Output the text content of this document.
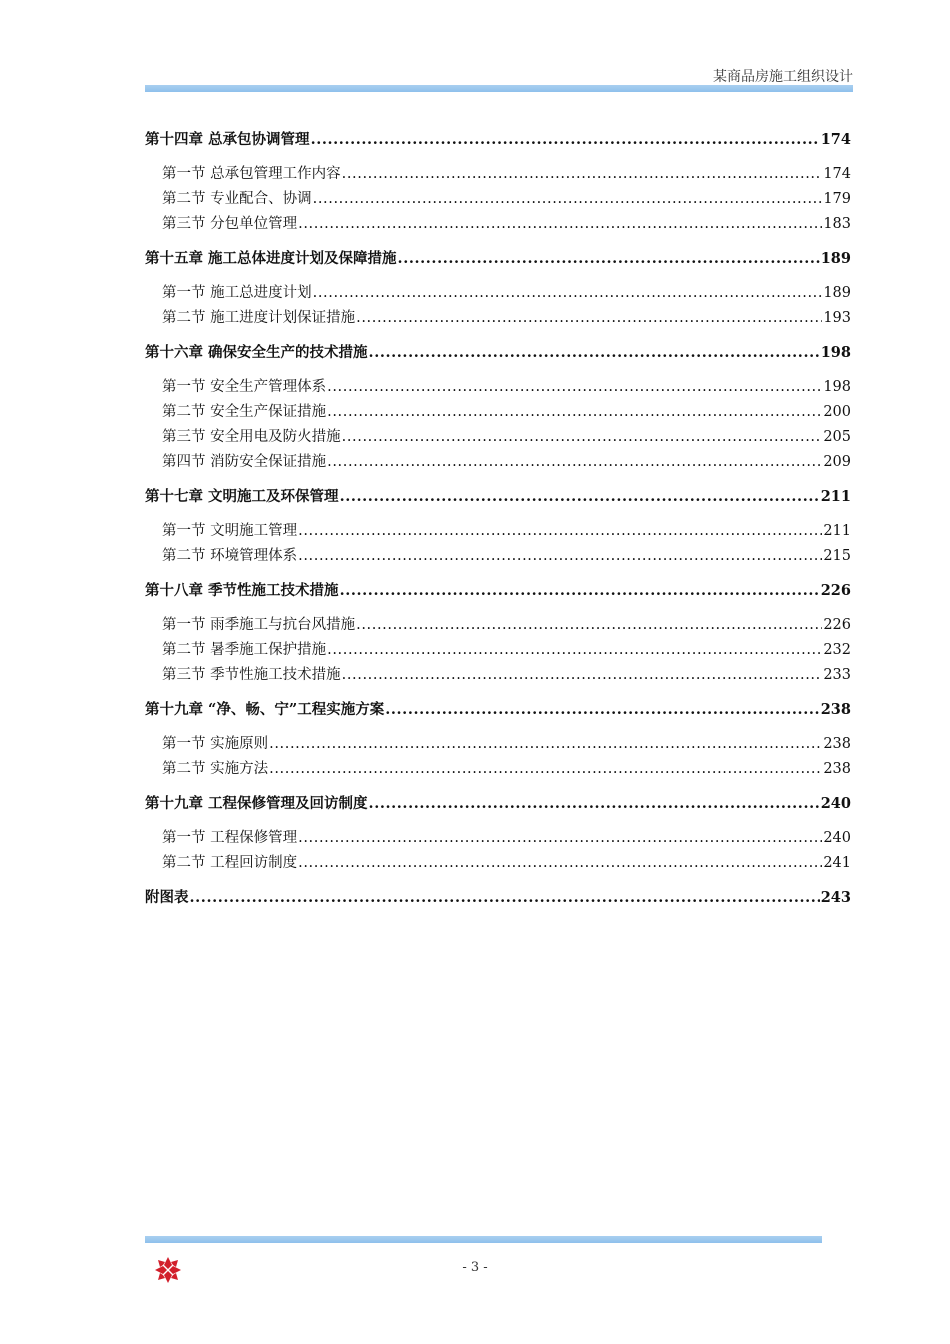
某商品房施工组织设计
第十四章 总承包协调管理 .....	174
第一节 总承包管理工作内容 .....	174
第二节 专业配合、协调 .....	179
第三节 分包单位管理 .....	183
第十五章 施工总体进度计划及保障措施 .....	189
第一节 施工总进度计划 .....	189
第二节 施工进度计划保证措施 .....	193
第十六章 确保安全生产的技术措施 .....	198
第一节 安全生产管理体系 .....	198
第二节 安全生产保证措施 .....	200
第三节 安全用电及防火措施 .....	205
第四节 消防安全保证措施 .....	209
第十七章 文明施工及环保管理 .....	211
第一节 文明施工管理 .....	211
第二节 环境管理体系 .....	215
第十八章 季节性施工技术措施 .....	226
第一节 雨季施工与抗台风措施 .....	226
第二节 暑季施工保护措施 .....	232
第三节 季节性施工技术措施 .....	233
第十九章 “净、畅、宁”工程实施方案 .....	238
第一节 实施原则 .....	238
第二节 实施方法 .....	238
第十九章 工程保修管理及回访制度 .....	240
第一节 工程保修管理 .....	240
第二节 工程回访制度 .....	241
附图表 .....	243
- 3 -
